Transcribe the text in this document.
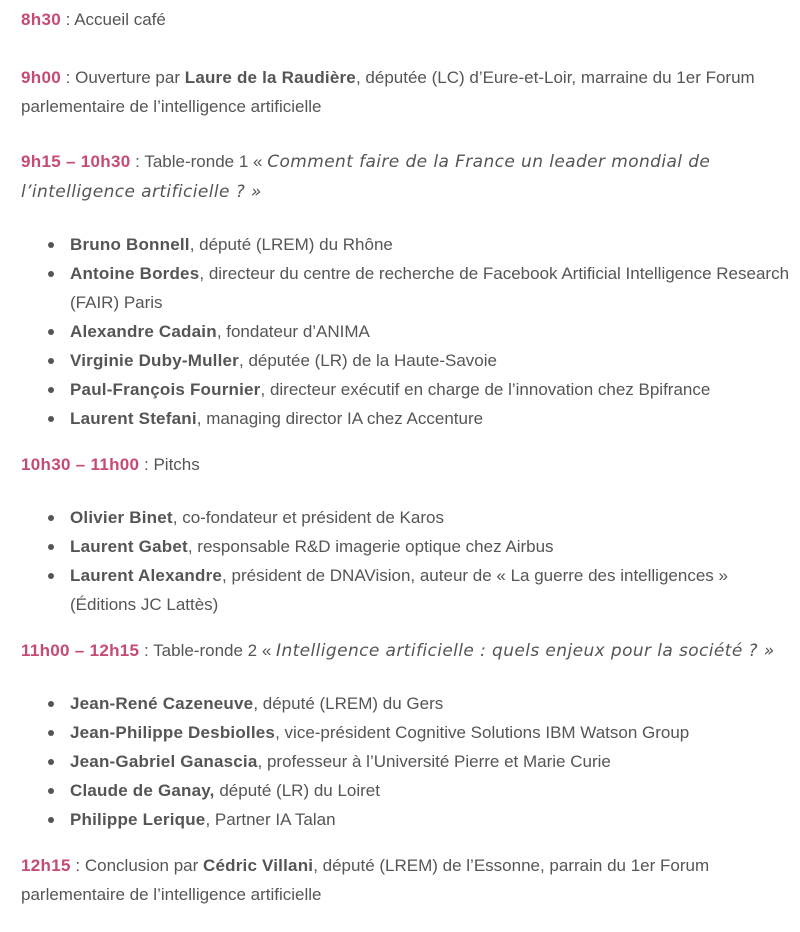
8h30 : Accueil café

9h00 : Ouverture par Laure de la Raudière, députée (LC) d’Eure-et-Loir, marraine du 1er Forum parlementaire de l’intelligence artificielle

9h15 – 10h30 : Table-ronde 1 « Comment faire de la France un leader mondial de l’intelligence artificielle ? »

Bruno Bonnell, député (LREM) du Rhône
Antoine Bordes, directeur du centre de recherche de Facebook Artificial Intelligence Research (FAIR) Paris
Alexandre Cadain, fondateur d’ANIMA
Virginie Duby-Muller, députée (LR) de la Haute-Savoie
Paul-François Fournier, directeur exécutif en charge de l’innovation chez Bpifrance
Laurent Stefani, managing director IA chez Accenture

10h30 – 11h00 : Pitchs

Olivier Binet, co-fondateur et président de Karos
Laurent Gabet, responsable R&D imagerie optique chez Airbus
Laurent Alexandre, président de DNAVision, auteur de « La guerre des intelligences » (Éditions JC Lattès)

11h00 – 12h15 : Table-ronde 2 « Intelligence artificielle : quels enjeux pour la société ? »

Jean-René Cazeneuve, député (LREM) du Gers
Jean-Philippe Desbiolles, vice-président Cognitive Solutions IBM Watson Group
Jean-Gabriel Ganascia, professeur à l’Université Pierre et Marie Curie
Claude de Ganay, député (LR) du Loiret
Philippe Lerique, Partner IA Talan

12h15 : Conclusion par Cédric Villani, député (LREM) de l’Essonne, parrain du 1er Forum parlementaire de l’intelligence artificielle
